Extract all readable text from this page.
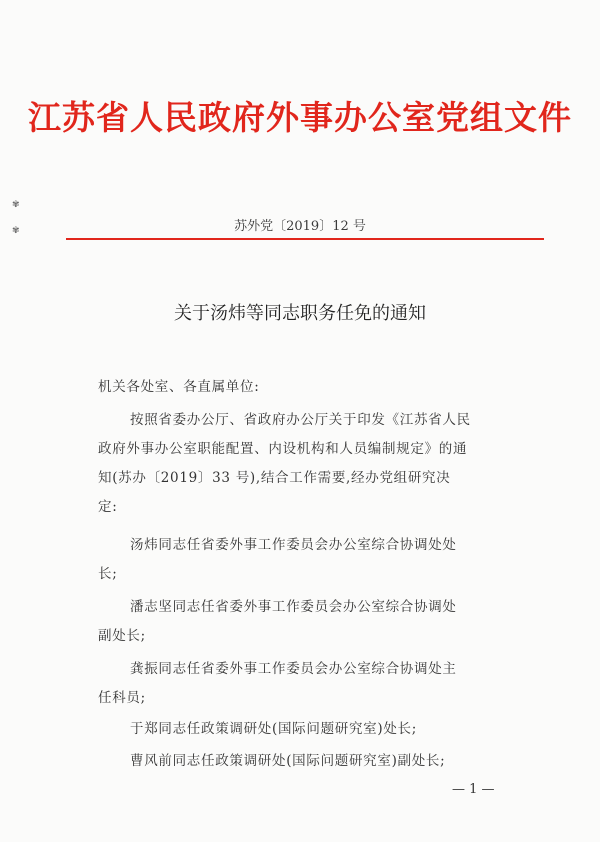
江苏省人民政府外事办公室党组文件
✾
✾	苏外党〔2019〕12 号
关于汤炜等同志职务任免的通知
机关各处室、各直属单位:
按照省委办公厅、省政府办公厅关于印发《江苏省人民
政府外事办公室职能配置、内设机构和人员编制规定》的通
知(苏办〔2019〕33 号),结合工作需要,经办党组研究决
定:
汤炜同志任省委外事工作委员会办公室综合协调处处
长;
潘志坚同志任省委外事工作委员会办公室综合协调处
副处长;
龚振同志任省委外事工作委员会办公室综合协调处主
任科员;
于郑同志任政策调研处(国际问题研究室)处长;
曹风前同志任政策调研处(国际问题研究室)副处长;
— 1 —
